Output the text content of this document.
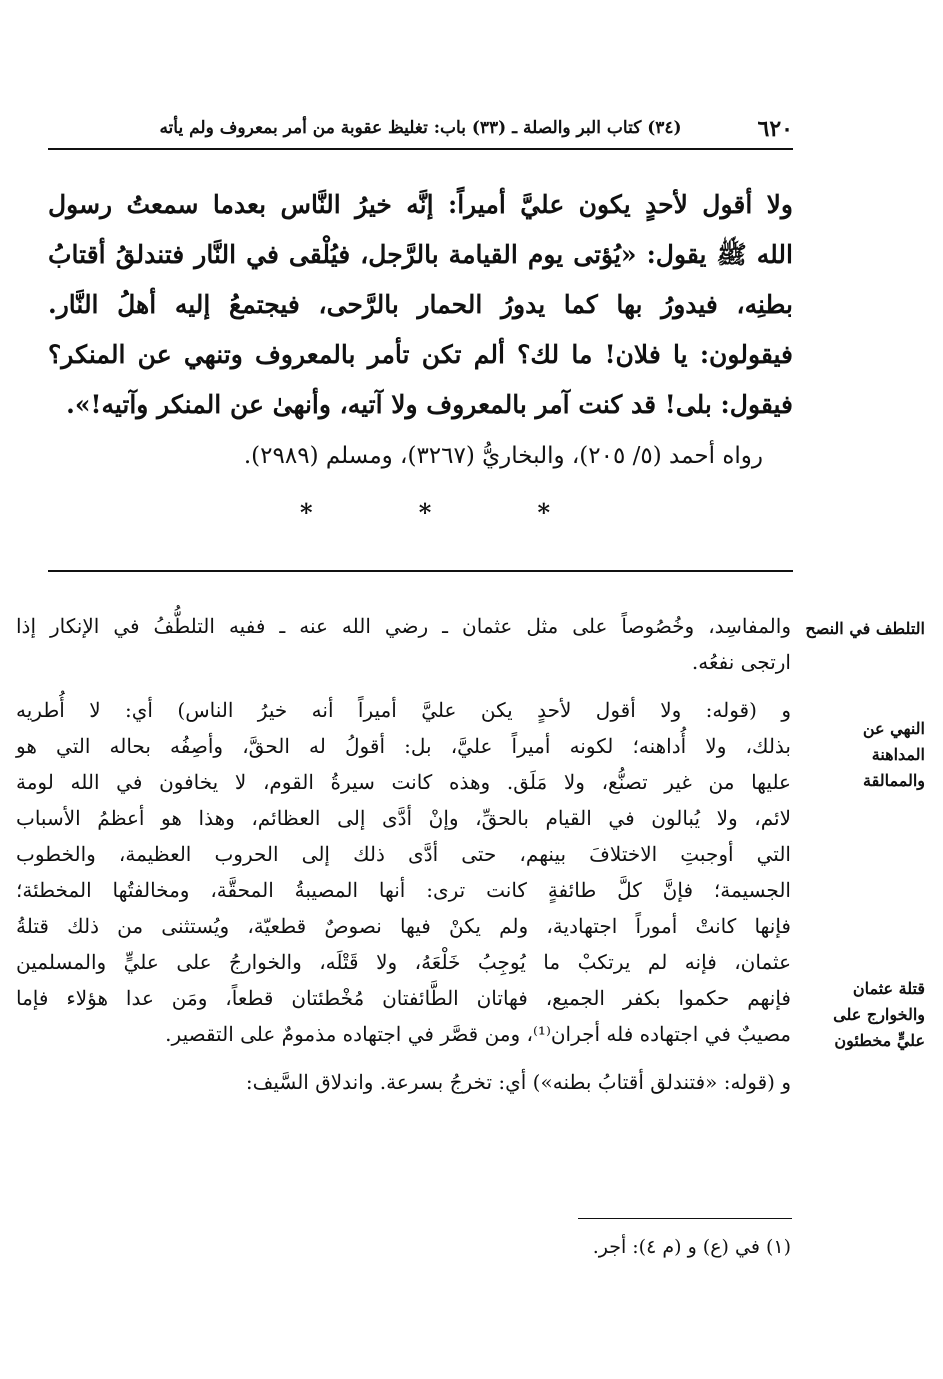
٦٢٠
(٣٤) كتاب البر والصلة ـ (٣٣) باب: تغليظ عقوبة من أمر بمعروف ولم يأته
ولا أقول لأحدٍ يكون عليَّ أميراً: إنَّه خيرُ النَّاس بعدما سمعتُ رسول
الله ﷺ يقول: «يُؤتى يوم القيامة بالرَّجل، فيُلْقى في النَّار فتندلقُ أقتابُ
بطنِه، فيدورُ بها كما يدورُ الحمار بالرَّحى، فيجتمعُ إليه أهلُ النَّار.
فيقولون: يا فلان! ما لك؟ ألم تكن تأمر بالمعروف وتنهي عن المنكر؟
فيقول: بلى! قد كنت آمر بالمعروف ولا آتيه، وأنهىٰ عن المنكر وآتيه!».
رواه أحمد (٥/ ٢٠٥)، والبخاريُّ (٣٢٦٧)، ومسلم (٢٩٨٩).
*	*	*
والمفاسِد، وخُصُوصاً على مثل عثمان ـ رضي الله عنه ـ ففيه التلطُّفُ في الإنكار إذا
ارتجى نفعُه.
و (قوله: ولا أقول لأحدٍ يكن عليَّ أميراً أنه خيرُ الناس) أي: لا أُطريه
بذلك، ولا أُداهنه؛ لكونه أميراً عليَّ، بل: أقولُ له الحقَّ، وأصِفُه بحاله التي هو
عليها من غير تصنُّع، ولا مَلَق. وهذه كانت سيرةُ القوم، لا يخافون في الله لومة
لائم، ولا يُبالون في القيام بالحقِّ، وإنْ أدَّى إلى العظائم، وهذا هو أعظمُ الأسباب
التي أوجبتِ الاختلافَ بينهم، حتى أدَّى ذلك إلى الحروب العظيمة، والخطوب
الجسيمة؛ فإنَّ كلَّ طائفةٍ كانت ترى: أنها المصيبةُ المحقَّة، ومخالفتُها المخطئة؛
فإنها كانتْ أموراً اجتهادية، ولم يكنْ فيها نصوصٌ قطعيّة، ويُستثنى من ذلك قتلةُ
عثمان، فإنه لم يرتكبْ ما يُوجِبُ خَلْعَهُ، ولا قَتْلَه، والخوارجُ على عليٍّ والمسلمين
فإنهم حكموا بكفر الجميع، فهاتان الطَّائفتان مُخْطئتان قطعاً، ومَن عدا هؤلاء فإما
مصيبٌ في اجتهاده فله أجران⁽¹⁾، ومن قصَّر في اجتهاده مذمومٌ على التقصير.
و (قوله: «فتندلق أقتابُ بطنه») أي: تخرجُ بسرعة. واندلاق السَّيف:
التلطف في النصح
النهي عن المداهنة والممالقة
قتلة عثمان والخوارج على عليٍّ مخطئون
(١) في (ع) و (م ٤): أجر.
